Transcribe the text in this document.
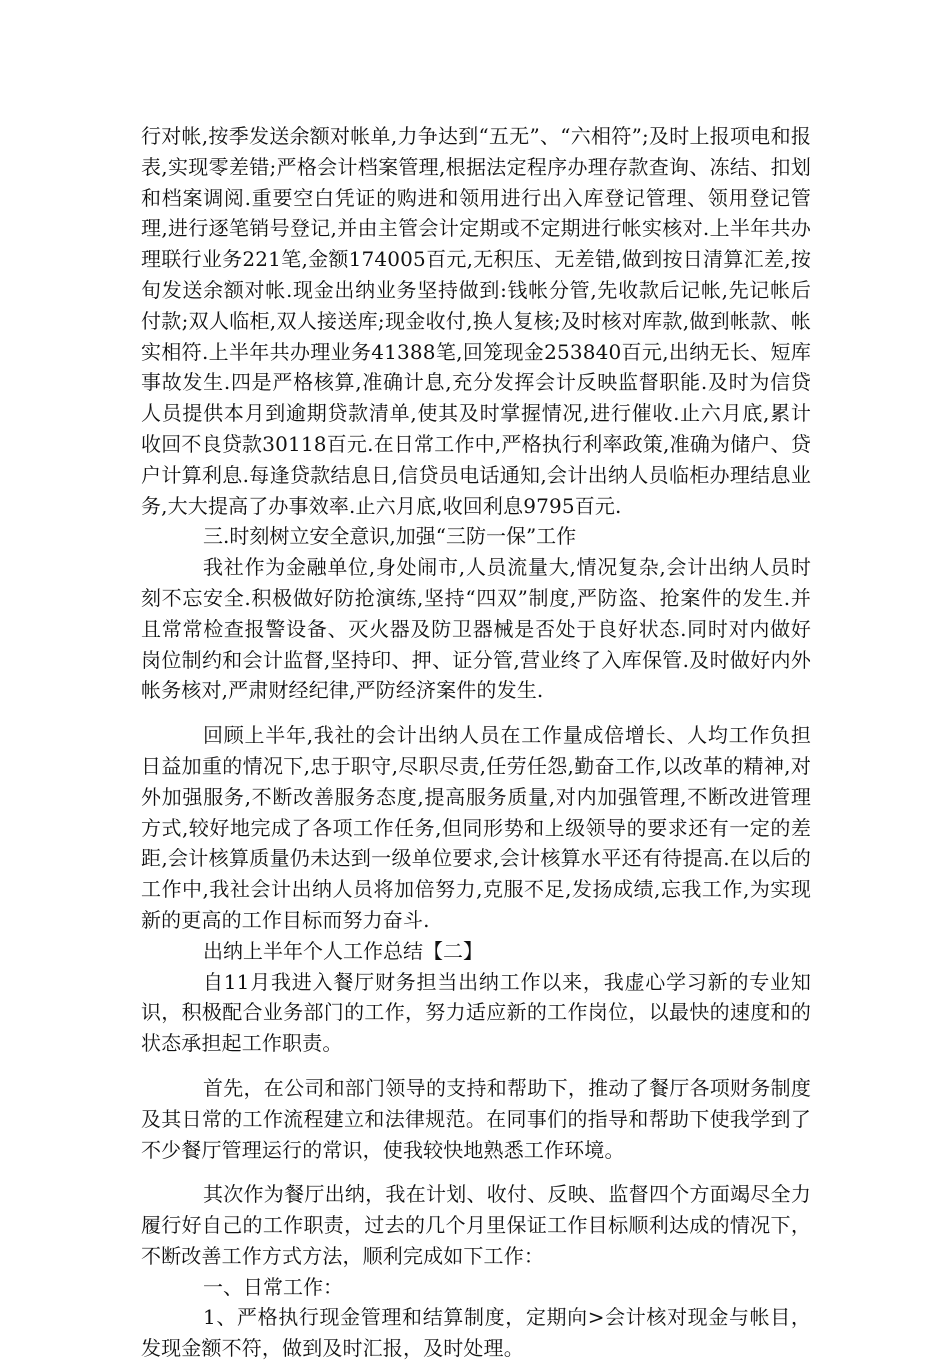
行对帐,按季发送余额对帐单,力争达到“五无”、“六相符”;及时上报项电和报表,实现零差错;严格会计档案管理,根据法定程序办理存款查询、冻结、扣划和档案调阅.重要空白凭证的购进和领用进行出入库登记管理、领用登记管理,进行逐笔销号登记,并由主管会计定期或不定期进行帐实核对.上半年共办理联行业务221笔,金额174005百元,无积压、无差错,做到按日清算汇差,按旬发送余额对帐.现金出纳业务坚持做到:钱帐分管,先收款后记帐,先记帐后付款;双人临柜,双人接送库;现金收付,换人复核;及时核对库款,做到帐款、帐实相符.上半年共办理业务41388笔,回笼现金253840百元,出纳无长、短库事故发生.四是严格核算,准确计息,充分发挥会计反映监督职能.及时为信贷人员提供本月到逾期贷款清单,使其及时掌握情况,进行催收.止六月底,累计收回不良贷款30118百元.在日常工作中,严格执行利率政策,准确为储户、贷户计算利息.每逢贷款结息日,信贷员电话通知,会计出纳人员临柜办理结息业务,大大提高了办事效率.止六月底,收回利息9795百元.

三.时刻树立安全意识,加强“三防一保”工作

我社作为金融单位,身处闹市,人员流量大,情况复杂,会计出纳人员时刻不忘安全.积极做好防抢演练,坚持“四双”制度,严防盗、抢案件的发生.并且常常检查报警设备、灭火器及防卫器械是否处于良好状态.同时对内做好岗位制约和会计监督,坚持印、押、证分管,营业终了入库保管.及时做好内外帐务核对,严肃财经纪律,严防经济案件的发生.

回顾上半年,我社的会计出纳人员在工作量成倍增长、人均工作负担日益加重的情况下,忠于职守,尽职尽责,任劳任怨,勤奋工作,以改革的精神,对外加强服务,不断改善服务态度,提高服务质量,对内加强管理,不断改进管理方式,较好地完成了各项工作任务,但同形势和上级领导的要求还有一定的差距,会计核算质量仍未达到一级单位要求,会计核算水平还有待提高.在以后的工作中,我社会计出纳人员将加倍努力,克服不足,发扬成绩,忘我工作,为实现新的更高的工作目标而努力奋斗.

出纳上半年个人工作总结【二】

自11月我进入餐厅财务担当出纳工作以来，我虚心学习新的专业知识，积极配合业务部门的工作，努力适应新的工作岗位，以最快的速度和的状态承担起工作职责。

首先，在公司和部门领导的支持和帮助下，推动了餐厅各项财务制度及其日常的工作流程建立和法律规范。在同事们的指导和帮助下使我学到了不少餐厅管理运行的常识，使我较快地熟悉工作环境。

其次作为餐厅出纳，我在计划、收付、反映、监督四个方面竭尽全力履行好自己的工作职责，过去的几个月里保证工作目标顺利达成的情况下，不断改善工作方式方法，顺利完成如下工作：

一、日常工作：

1、严格执行现金管理和结算制度，定期向>会计核对现金与帐目，发现金额不符，做到及时汇报，及时处理。
